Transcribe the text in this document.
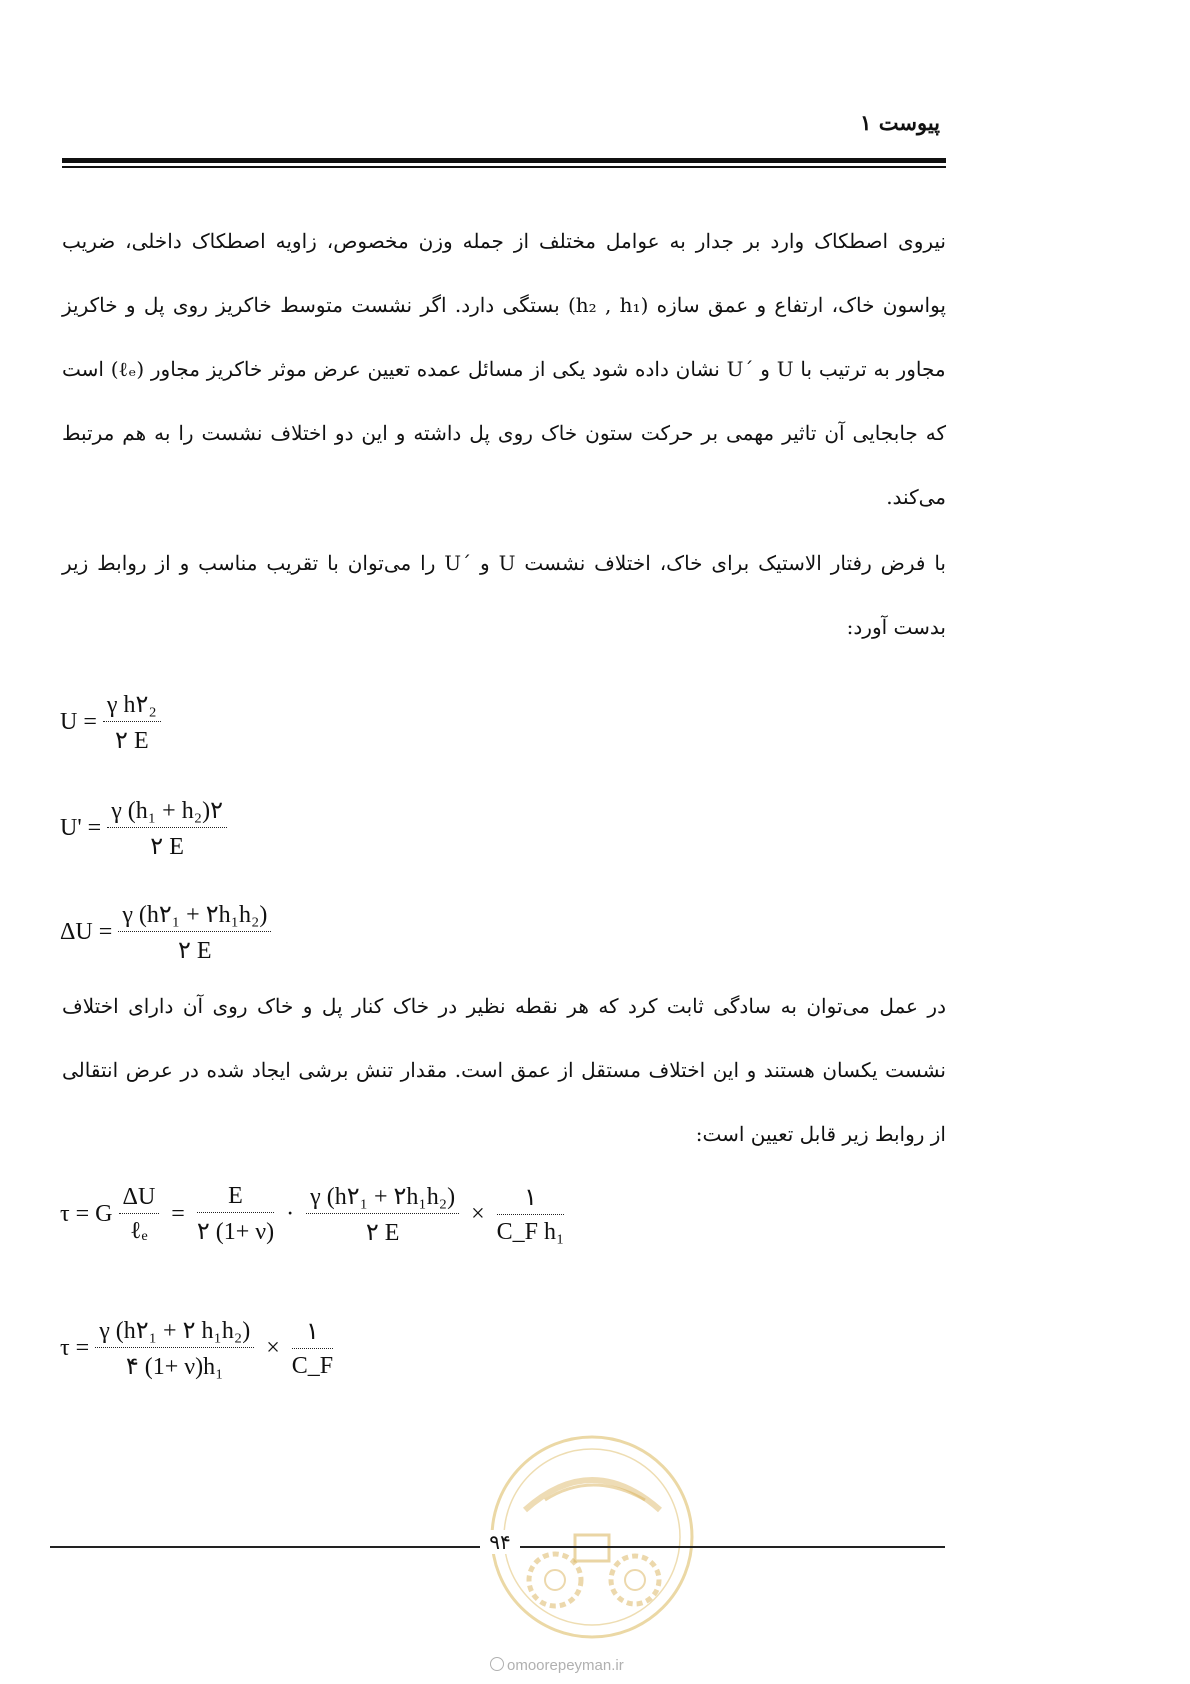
پیوست ۱
نیروی اصطکاک وارد بر جدار به عوامل مختلف از جمله وزن مخصوص، زاویه اصطکاک داخلی، ضریب پواسون خاک، ارتفاع و عمق سازه (h₂ , h₁) بستگی دارد. اگر نشست متوسط خاکریز روی پل و خاکریز مجاور به ترتیب با U و ´U نشان داده شود یکی از مسائل عمده تعیین عرض موثر خاکریز مجاور (ℓₑ) است که جابجایی آن تاثیر مهمی بر حرکت ستون خاک روی پل داشته و این دو اختلاف نشست را به هم مرتبط می‌کند.
با فرض رفتار الاستیک برای خاک، اختلاف نشست U و ´U را می‌توان با تقریب مناسب و از روابط زیر بدست آورد:
$U = \frac{\text{γ h۲₂}}{۲ E}$
$U' = \frac{\text{γ (h₁ + h₂)۲}}{۲ E}$
$\Delta U = \frac{\text{γ (h۲₁ + ۲h₁h₂)}}{۲ E}$
در عمل می‌توان به سادگی ثابت کرد که هر نقطه نظیر در خاک کنار پل و خاک روی آن دارای اختلاف نشست یکسان هستند و این اختلاف مستقل از عمق است. مقدار تنش برشی ایجاد شده در عرض انتقالی از روابط زیر قابل تعیین است:
τ = G $\frac{\Delta U}{\text{ℓₑ}} = \frac{E}{۲ (1+ \nu)} \cdot \frac{\text{γ (h۲₁ + ۲h₁h₂)}}{۲ E} \times \frac{۱}{\text{C\_F h₁}}$
$\tau = \frac{\text{γ (h۲₁ + ۲ h₁h₂)}}{\text{۴ (1+ ν)h₁}} \times \frac{۱}{C\_F}$
۹۴
omoorepeyman.ir
